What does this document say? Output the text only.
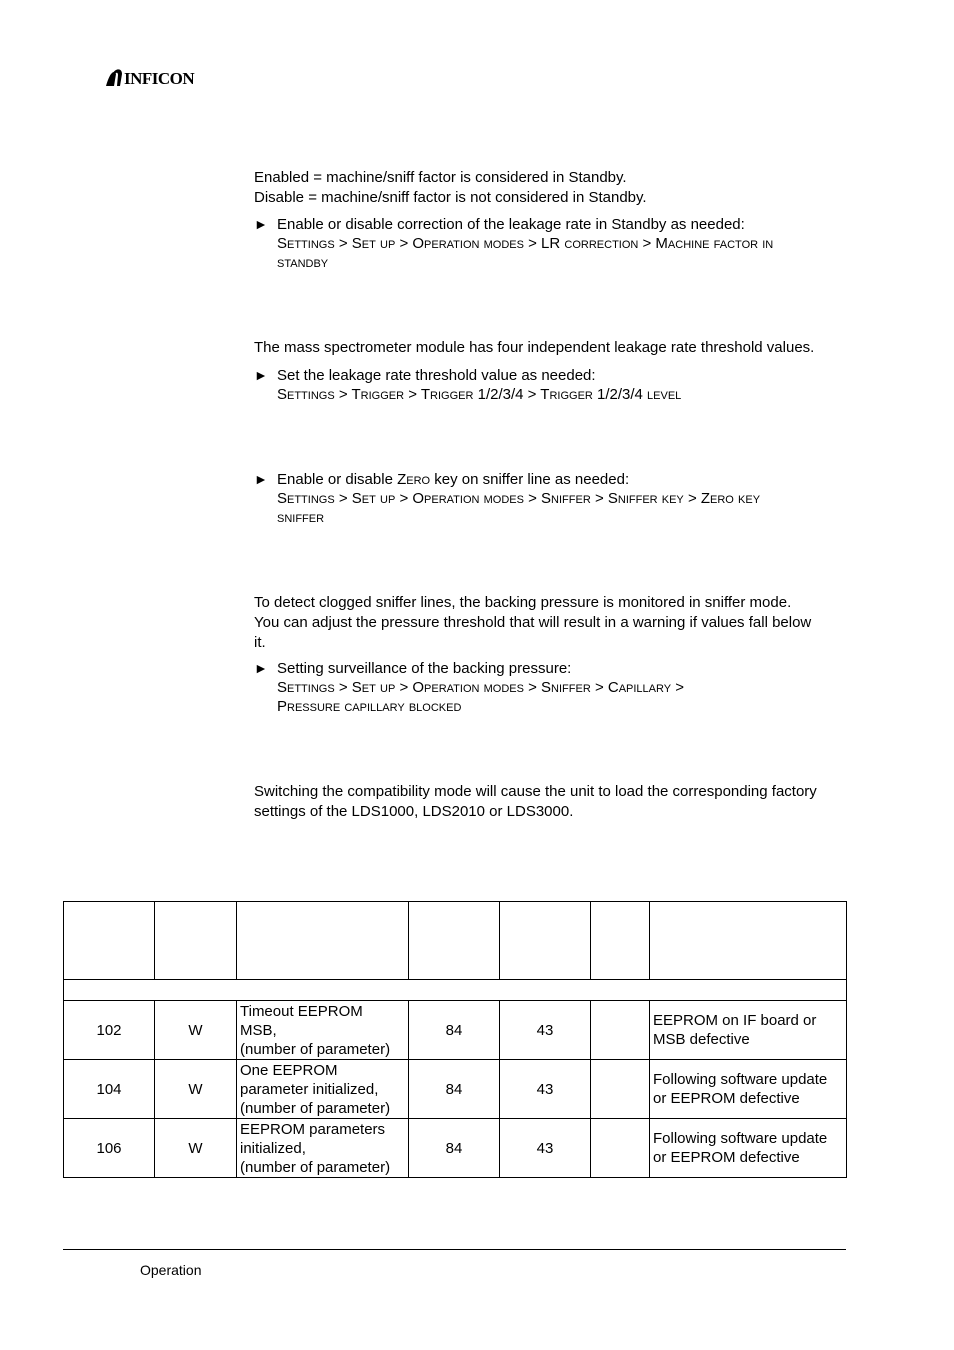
INFICON
Enabled = machine/sniff factor is considered in Standby.
Disable = machine/sniff factor is not considered in Standby.
► Enable or disable correction of the leakage rate in Standby as needed:
Settings > Set up > Operation modes > LR correction > Machine factor in
standby
The mass spectrometer module has four independent leakage rate threshold values.
► Set the leakage rate threshold value as needed:
Settings > Trigger > Trigger 1/2/3/4 > Trigger 1/2/3/4 level
► Enable or disable Zero key on sniffer line as needed:
Settings > Set up > Operation modes > Sniffer > Sniffer key > Zero key
sniffer
To detect clogged sniffer lines, the backing pressure is monitored in sniffer mode.
You can adjust the pressure threshold that will result in a warning if values fall below
it.
► Setting surveillance of the backing pressure:
Settings > Set up > Operation modes > Sniffer > Capillary >
Pressure capillary blocked
Switching the compatibility mode will cause the unit to load the corresponding factory
settings of the LDS1000, LDS2010 or LDS3000.

102	W	Timeout EEPROM
MSB,
(number of parameter)	84	43		EEPROM on IF board or
MSB defective

104	W	One EEPROM
parameter initialized,
(number of parameter)	84	43		Following software update
or EEPROM defective

106	W	EEPROM parameters
initialized,
(number of parameter)	84	43		Following software update
or EEPROM defective
Operation
